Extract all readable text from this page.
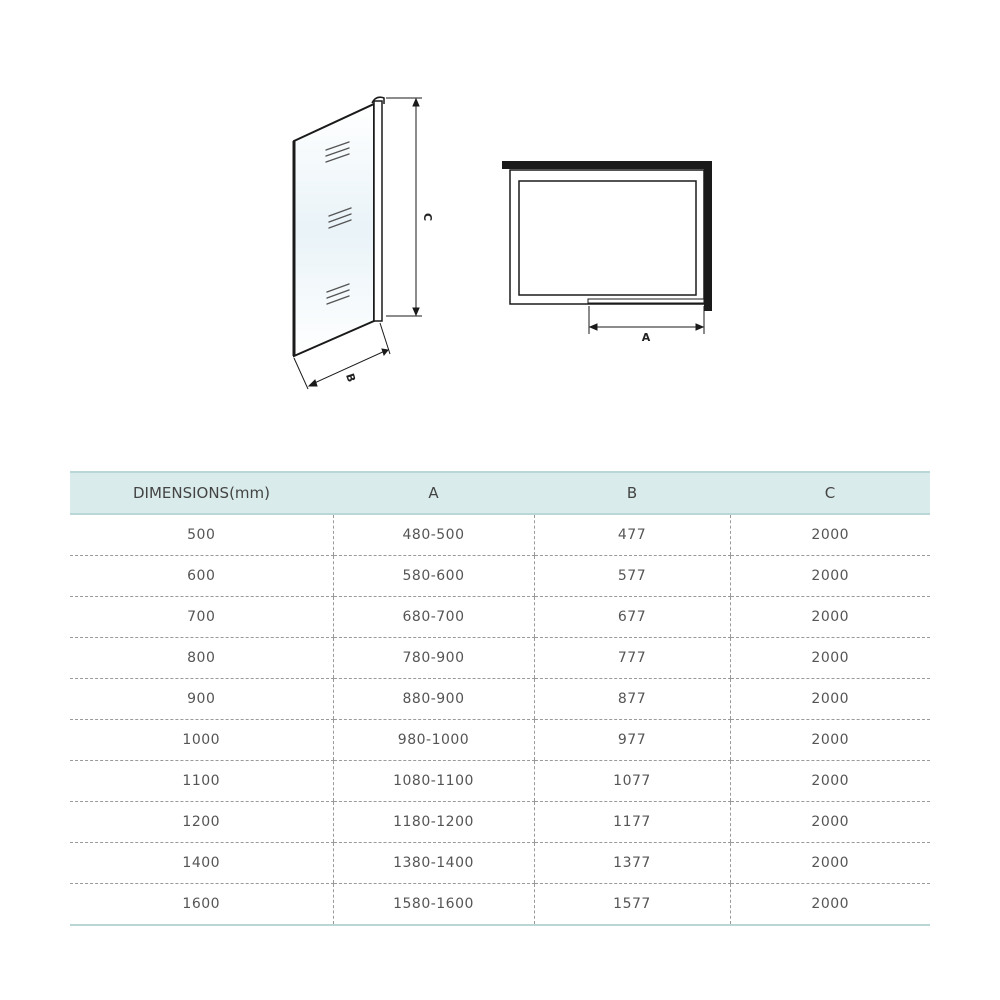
C
B
A
DIMENSIONS(mm)	A	B	C
500	480-500	477	2000
600	580-600	577	2000
700	680-700	677	2000
800	780-900	777	2000
900	880-900	877	2000
1000	980-1000	977	2000
1100	1080-1100	1077	2000
1200	1180-1200	1177	2000
1400	1380-1400	1377	2000
1600	1580-1600	1577	2000
